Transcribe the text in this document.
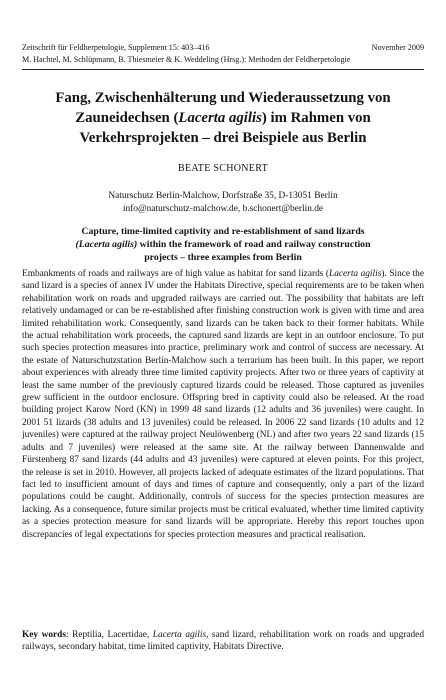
Zeitschrift für Feldherpetologie, Supplement 15: 403–416	November 2009
M. Hachtel, M. Schlüpmann, B. Thiesmeier & K. Weddeling (Hrsg.): Methoden der Feldherpetologie
Fang, Zwischenhälterung und Wiederaussetzung von
Zauneidechsen (Lacerta agilis) im Rahmen von
Verkehrsprojekten – drei Beispiele aus Berlin
BEATE SCHONERT
Naturschutz Berlin-Malchow, Dorfstraße 35, D-13051 Berlin
info@naturschutz-malchow.de, b.schonert@berlin.de
Capture, time-limited captivity and re-establishment of sand lizards
(Lacerta agilis) within the framework of road and railway construction
projects – three examples from Berlin
Embankments of roads and railways are of high value as habitat for sand lizards (Lacerta agilis). Since the sand lizard is a species of annex IV under the Habitats Directive, special requirements are to be taken when rehabilitation work on roads and upgraded railways are carried out. The possibility that habitats are left relatively undamaged or can be re-established after finishing construction work is given with time and area limited rehabilitation work. Consequently, sand lizards can be taken back to their former habitats. While the actual rehabilitation work proceeds, the captured sand lizards are kept in an outdoor enclosure. To put such species protection measures into practice, preliminary work and control of success are necessary. At the estate of Naturschutzstation Berlin-Malchow such a terrarium has been built. In this paper, we report about experiences with already three time limited captivity projects. After two or three years of captivity at least the same number of the previously captured lizards could be released. Those captured as juveniles grew sufficient in the outdoor enclosure. Offspring bred in captivity could also be released. At the road building project Karow Nord (KN) in 1999 48 sand lizards (12 adults and 36 juveniles) were caught. In 2001 51 lizards (38 adults and 13 juveniles) could be released. In 2006 22 sand lizards (10 adults and 12 juveniles) were captured at the railway project Neulöwenberg (NL) and after two years 22 sand lizards (15 adults and 7 juveniles) were released at the same site. At the railway between Dannenwalde and Fürstenberg 87 sand lizards (44 adults and 43 juveniles) were captured at eleven points. For this project, the release is set in 2010. However, all projects lacked of adequate estimates of the lizard populations. That fact led to insufficient amount of days and times of capture and consequently, only a part of the lizard populations could be caught. Additionally, controls of success for the species protection measures are lacking. As a consequence, future similar projects must be critical evaluated, whether time limited captivity as a species protection measure for sand lizards will be appropriate. Hereby this report touches upon discrepancies of legal expectations for species protection measures and practical realisation.
Key words: Reptilia, Lacertidae, Lacerta agilis, sand lizard, rehabilitation work on roads and upgraded railways, secondary habitat, time limited captivity, Habitats Directive.
